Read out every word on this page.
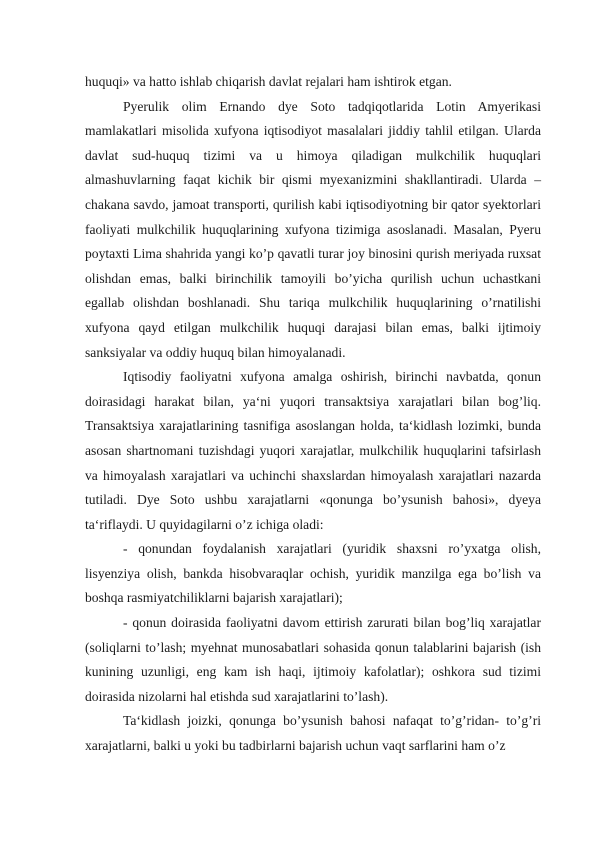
huquqi» va hatto ishlab chiqarish davlat rejalari ham ishtirok etgan.

Pyerulik olim Ernando dye Soto tadqiqotlarida Lotin Amyerikasi mamlakatlari misolida xufyona iqtisodiyot masalalari jiddiy tahlil etilgan. Ularda davlat sud-huquq tizimi va u himoya qiladigan mulkchilik huquqlari almashuvlarning faqat kichik bir qismi myexanizmini shakllantiradi. Ularda – chakana savdo, jamoat transporti, qurilish kabi iqtisodiyotning bir qator syektorlari faoliyati mulkchilik huquqlarining xufyona tizimiga asoslanadi. Masalan, Pyeru poytaxti Lima shahrida yangi ko’p qavatli turar joy binosini qurish meriyada ruxsat olishdan emas, balki birinchilik tamoyili bo’yicha qurilish uchun uchastkani egallab olishdan boshlanadi. Shu tariqa mulkchilik huquqlarining o’rnatilishi xufyona qayd etilgan mulkchilik huquqi darajasi bilan emas, balki ijtimoiy sanksiyalar va oddiy huquq bilan himoyalanadi.

Iqtisodiy faoliyatni xufyona amalga oshirish, birinchi navbatda, qonun doirasidagi harakat bilan, ya‘ni yuqori transaktsiya xarajatlari bilan bog’liq. Transaktsiya xarajatlarining tasnifiga asoslangan holda, ta‘kidlash lozimki, bunda asosan shartnomani tuzishdagi yuqori xarajatlar, mulkchilik huquqlarini tafsirlash va himoyalash xarajatlari va uchinchi shaxslardan himoyalash xarajatlari nazarda tutiladi. Dye Soto ushbu xarajatlarni «qonunga bo’ysunish bahosi», dyeya ta‘riflaydi. U quyidagilarni o’z ichiga oladi:

- qonundan foydalanish xarajatlari (yuridik shaxsni ro’yxatga olish, lisyenziya olish, bankda hisobvaraqlar ochish, yuridik manzilga ega bo’lish va boshqa rasmiyatchiliklarni bajarish xarajatlari);

- qonun doirasida faoliyatni davom ettirish zarurati bilan bog’liq xarajatlar (soliqlarni to’lash; myehnat munosabatlari sohasida qonun talablarini bajarish (ish kunining uzunligi, eng kam ish haqi, ijtimoiy kafolatlar); oshkora sud tizimi doirasida nizolarni hal etishda sud xarajatlarini to’lash).

Ta‘kidlash joizki, qonunga bo’ysunish bahosi nafaqat to’g’ridan- to’g’ri xarajatlarni, balki u yoki bu tadbirlarni bajarish uchun vaqt sarflarini ham o’z
